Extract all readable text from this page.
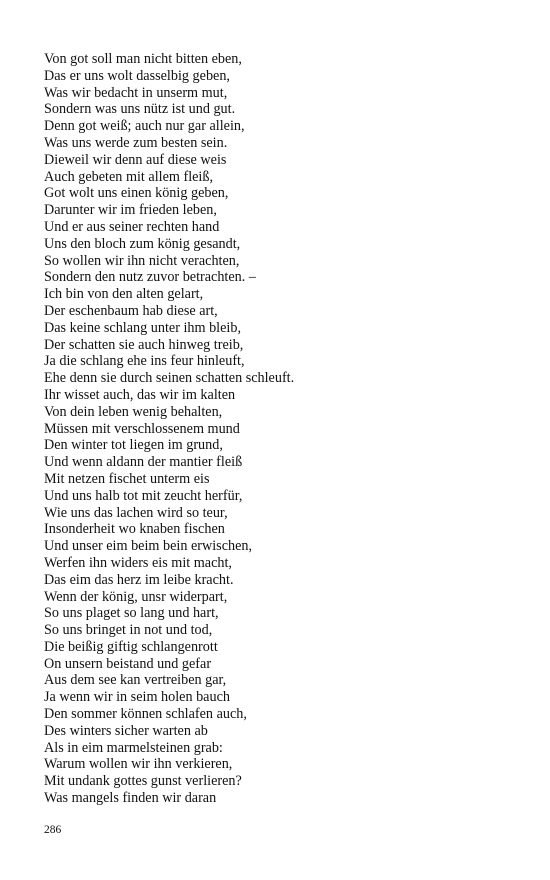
Von got soll man nicht bitten eben,
Das er uns wolt dasselbig geben,
Was wir bedacht in unserm mut,
Sondern was uns nütz ist und gut.
Denn got weiß; auch nur gar allein,
Was uns werde zum besten sein.
Dieweil wir denn auf diese weis
Auch gebeten mit allem fleiß,
Got wolt uns einen könig geben,
Darunter wir im frieden leben,
Und er aus seiner rechten hand
Uns den bloch zum könig gesandt,
So wollen wir ihn nicht verachten,
Sondern den nutz zuvor betrachten. –
Ich bin von den alten gelart,
Der eschenbaum hab diese art,
Das keine schlang unter ihm bleib,
Der schatten sie auch hinweg treib,
Ja die schlang ehe ins feur hinleuft,
Ehe denn sie durch seinen schatten schleuft.
Ihr wisset auch, das wir im kalten
Von dein leben wenig behalten,
Müssen mit verschlossenem mund
Den winter tot liegen im grund,
Und wenn aldann der mantier fleiß
Mit netzen fischet unterm eis
Und uns halb tot mit zeucht herfür,
Wie uns das lachen wird so teur,
Insonderheit wo knaben fischen
Und unser eim beim bein erwischen,
Werfen ihn widers eis mit macht,
Das eim das herz im leibe kracht.
Wenn der könig, unsr widerpart,
So uns plaget so lang und hart,
So uns bringet in not und tod,
Die beißig giftig schlangenrott
On unsern beistand und gefar
Aus dem see kan vertreiben gar,
Ja wenn wir in seim holen bauch
Den sommer können schlafen auch,
Des winters sicher warten ab
Als in eim marmelsteinen grab:
Warum wollen wir ihn verkieren,
Mit undank gottes gunst verlieren?
Was mangels finden wir daran
286
